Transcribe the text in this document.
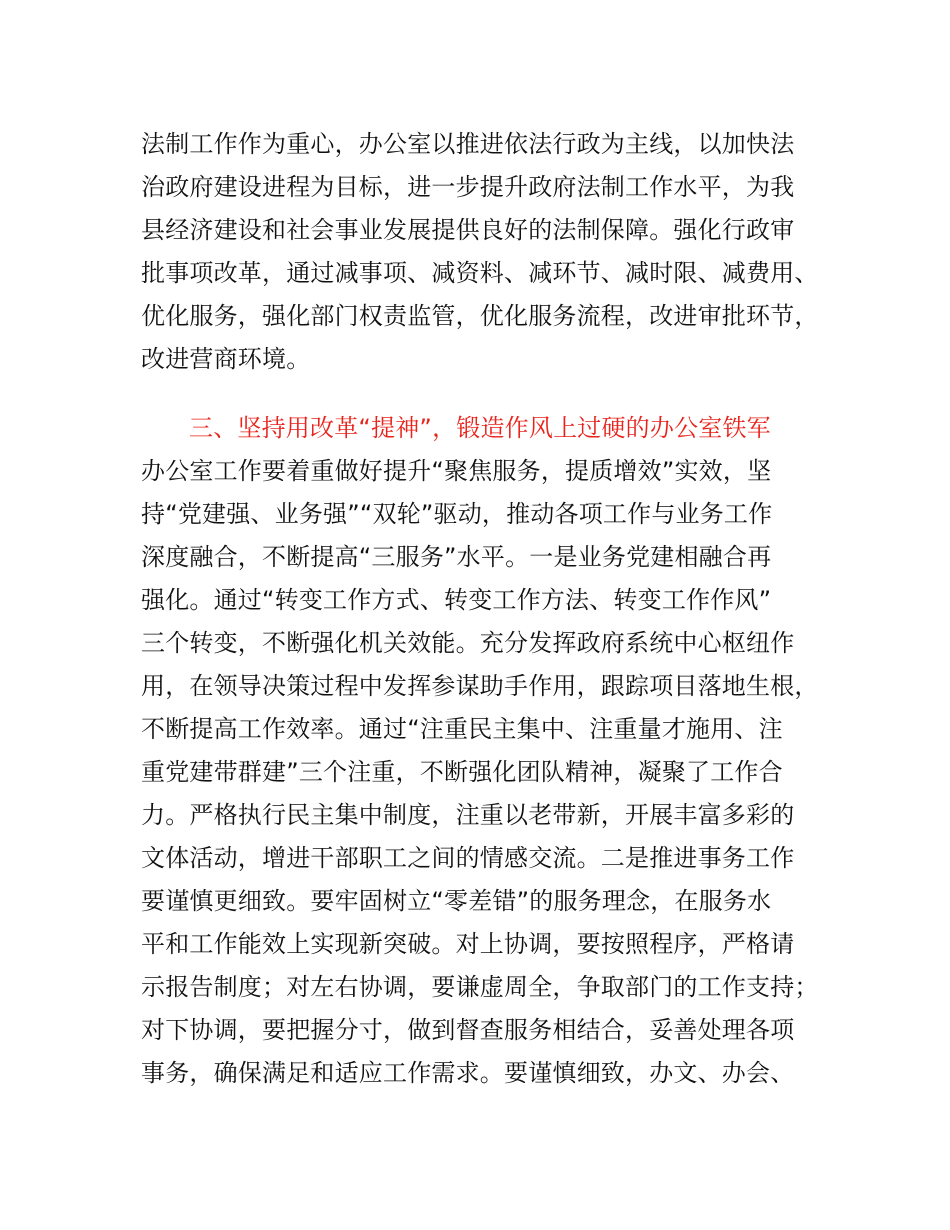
法制工作作为重心，办公室以推进依法行政为主线，以加快法
治政府建设进程为目标，进一步提升政府法制工作水平，为我
县经济建设和社会事业发展提供良好的法制保障。强化行政审
批事项改革，通过减事项、减资料、减环节、减时限、减费用、
优化服务，强化部门权责监管，优化服务流程，改进审批环节，
改进营商环境。
三、坚持用改革“提神”，锻造作风上过硬的办公室铁军
办公室工作要着重做好提升“聚焦服务，提质增效”实效，坚
持“党建强、业务强”“双轮”驱动，推动各项工作与业务工作
深度融合，不断提高“三服务”水平。一是业务党建相融合再
强化。通过“转变工作方式、转变工作方法、转变工作作风”
三个转变，不断强化机关效能。充分发挥政府系统中心枢纽作
用，在领导决策过程中发挥参谋助手作用，跟踪项目落地生根，
不断提高工作效率。通过“注重民主集中、注重量才施用、注
重党建带群建”三个注重，不断强化团队精神，凝聚了工作合
力。严格执行民主集中制度，注重以老带新，开展丰富多彩的
文体活动，增进干部职工之间的情感交流。二是推进事务工作
要谨慎更细致。要牢固树立“零差错”的服务理念，在服务水
平和工作能效上实现新突破。对上协调，要按照程序，严格请
示报告制度；对左右协调，要谦虚周全，争取部门的工作支持；
对下协调，要把握分寸，做到督查服务相结合，妥善处理各项
事务，确保满足和适应工作需求。要谨慎细致，办文、办会、
